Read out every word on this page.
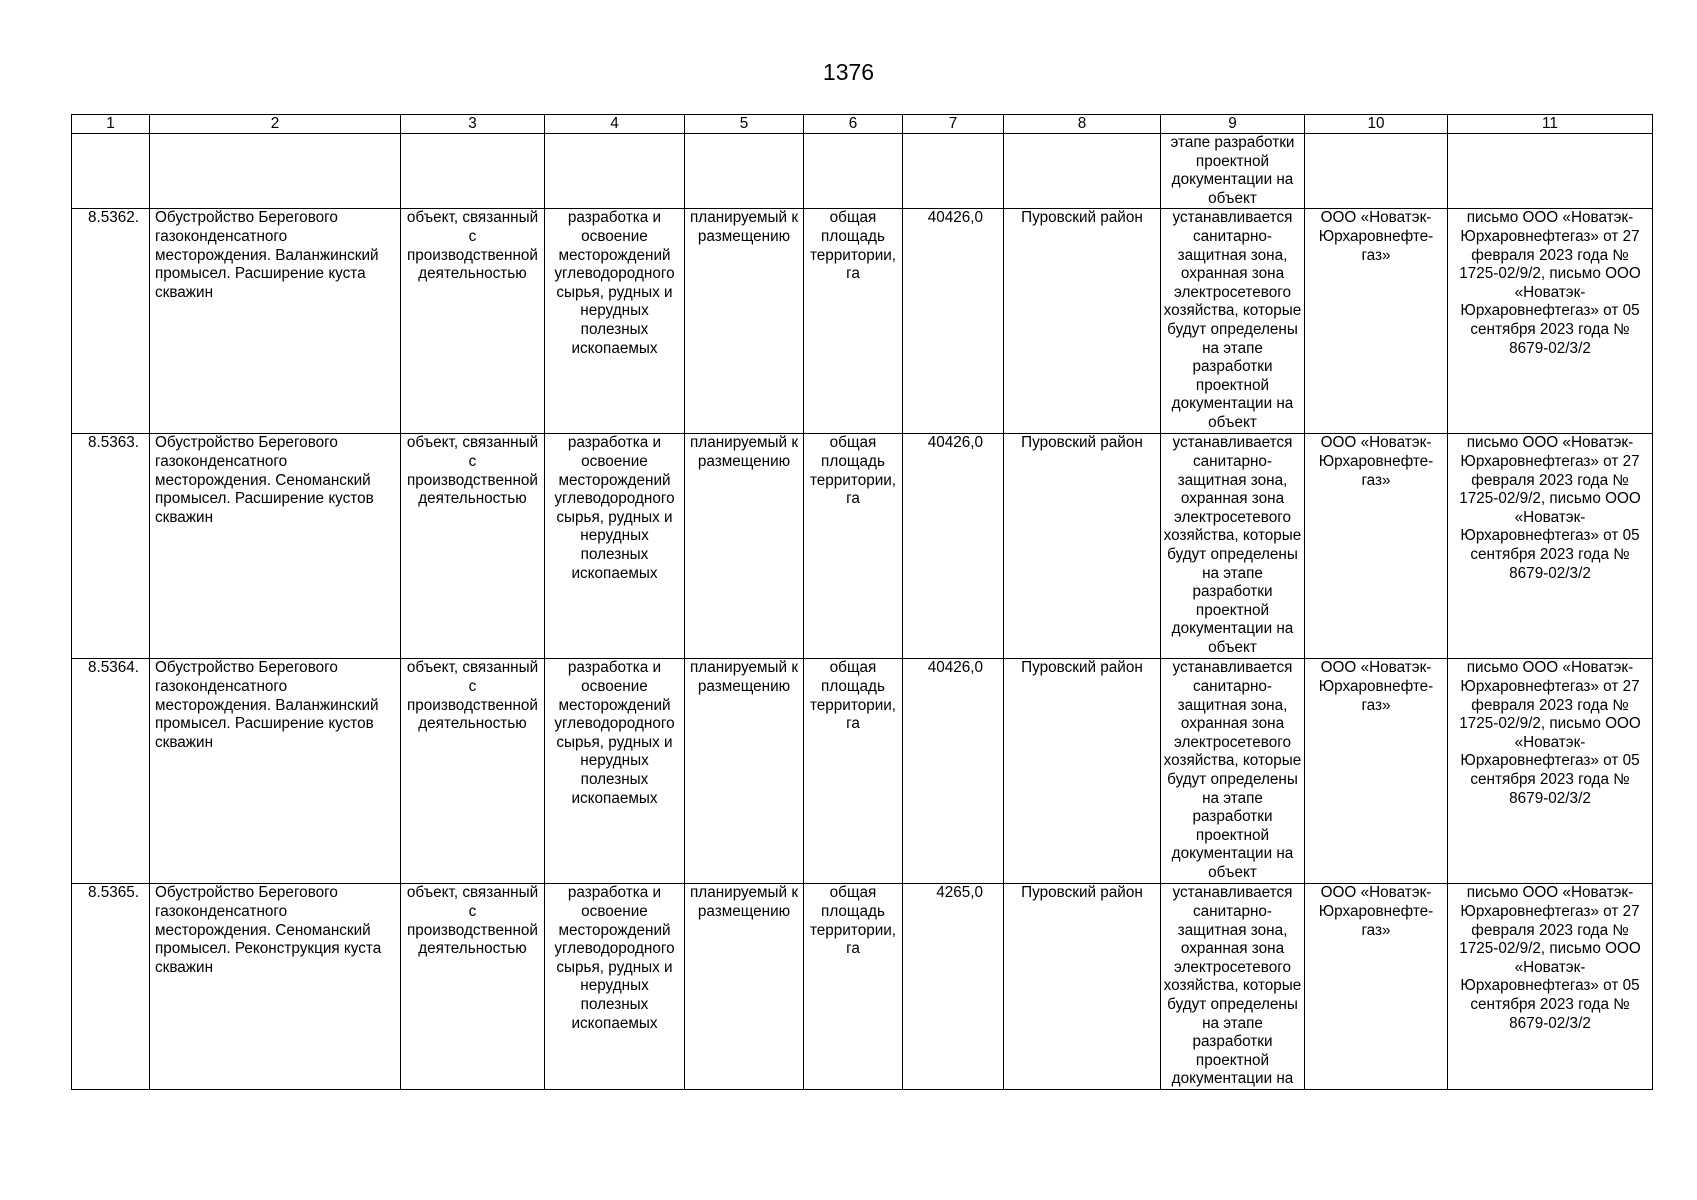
1376
1	2	3	4	5	6	7	8	9	10	11
								этапе разработки проектной документации на объект		
8.5362.	Обустройство Берегового газоконденсатного месторождения. Валанжинский промысел. Расширение куста скважин	объект, связанный с производственной деятельностью	разработка и освоение месторождений углеводородного сырья, рудных и нерудных полезных ископаемых	планируемый к размещению	общая площадь территории, га	40426,0	Пуровский район	устанавливается санитарно-защитная зона, охранная зона электросетевого хозяйства, которые будут определены на этапе разработки проектной документации на объект	ООО «Новатэк-Юрхаровнефте-газ»	письмо ООО «Новатэк-Юрхаровнефтегаз» от 27 февраля 2023 года № 1725-02/9/2, письмо ООО «Новатэк-Юрхаровнефтегаз» от 05 сентября 2023 года № 8679-02/3/2
8.5363.	Обустройство Берегового газоконденсатного месторождения. Сеноманский промысел. Расширение кустов скважин	объект, связанный с производственной деятельностью	разработка и освоение месторождений углеводородного сырья, рудных и нерудных полезных ископаемых	планируемый к размещению	общая площадь территории, га	40426,0	Пуровский район	устанавливается санитарно-защитная зона, охранная зона электросетевого хозяйства, которые будут определены на этапе разработки проектной документации на объект	ООО «Новатэк-Юрхаровнефте-газ»	письмо ООО «Новатэк-Юрхаровнефтегаз» от 27 февраля 2023 года № 1725-02/9/2, письмо ООО «Новатэк-Юрхаровнефтегаз» от 05 сентября 2023 года № 8679-02/3/2
8.5364.	Обустройство Берегового газоконденсатного месторождения. Валанжинский промысел. Расширение кустов скважин	объект, связанный с производственной деятельностью	разработка и освоение месторождений углеводородного сырья, рудных и нерудных полезных ископаемых	планируемый к размещению	общая площадь территории, га	40426,0	Пуровский район	устанавливается санитарно-защитная зона, охранная зона электросетевого хозяйства, которые будут определены на этапе разработки проектной документации на объект	ООО «Новатэк-Юрхаровнефте-газ»	письмо ООО «Новатэк-Юрхаровнефтегаз» от 27 февраля 2023 года № 1725-02/9/2, письмо ООО «Новатэк-Юрхаровнефтегаз» от 05 сентября 2023 года № 8679-02/3/2
8.5365.	Обустройство Берегового газоконденсатного месторождения. Сеноманский промысел. Реконструкция куста скважин	объект, связанный с производственной деятельностью	разработка и освоение месторождений углеводородного сырья, рудных и нерудных полезных ископаемых	планируемый к размещению	общая площадь территории, га	4265,0	Пуровский район	устанавливается санитарно-защитная зона, охранная зона электросетевого хозяйства, которые будут определены на этапе разработки проектной документации на	ООО «Новатэк-Юрхаровнефте-газ»	письмо ООО «Новатэк-Юрхаровнефтегаз» от 27 февраля 2023 года № 1725-02/9/2, письмо ООО «Новатэк-Юрхаровнефтегаз» от 05 сентября 2023 года № 8679-02/3/2
